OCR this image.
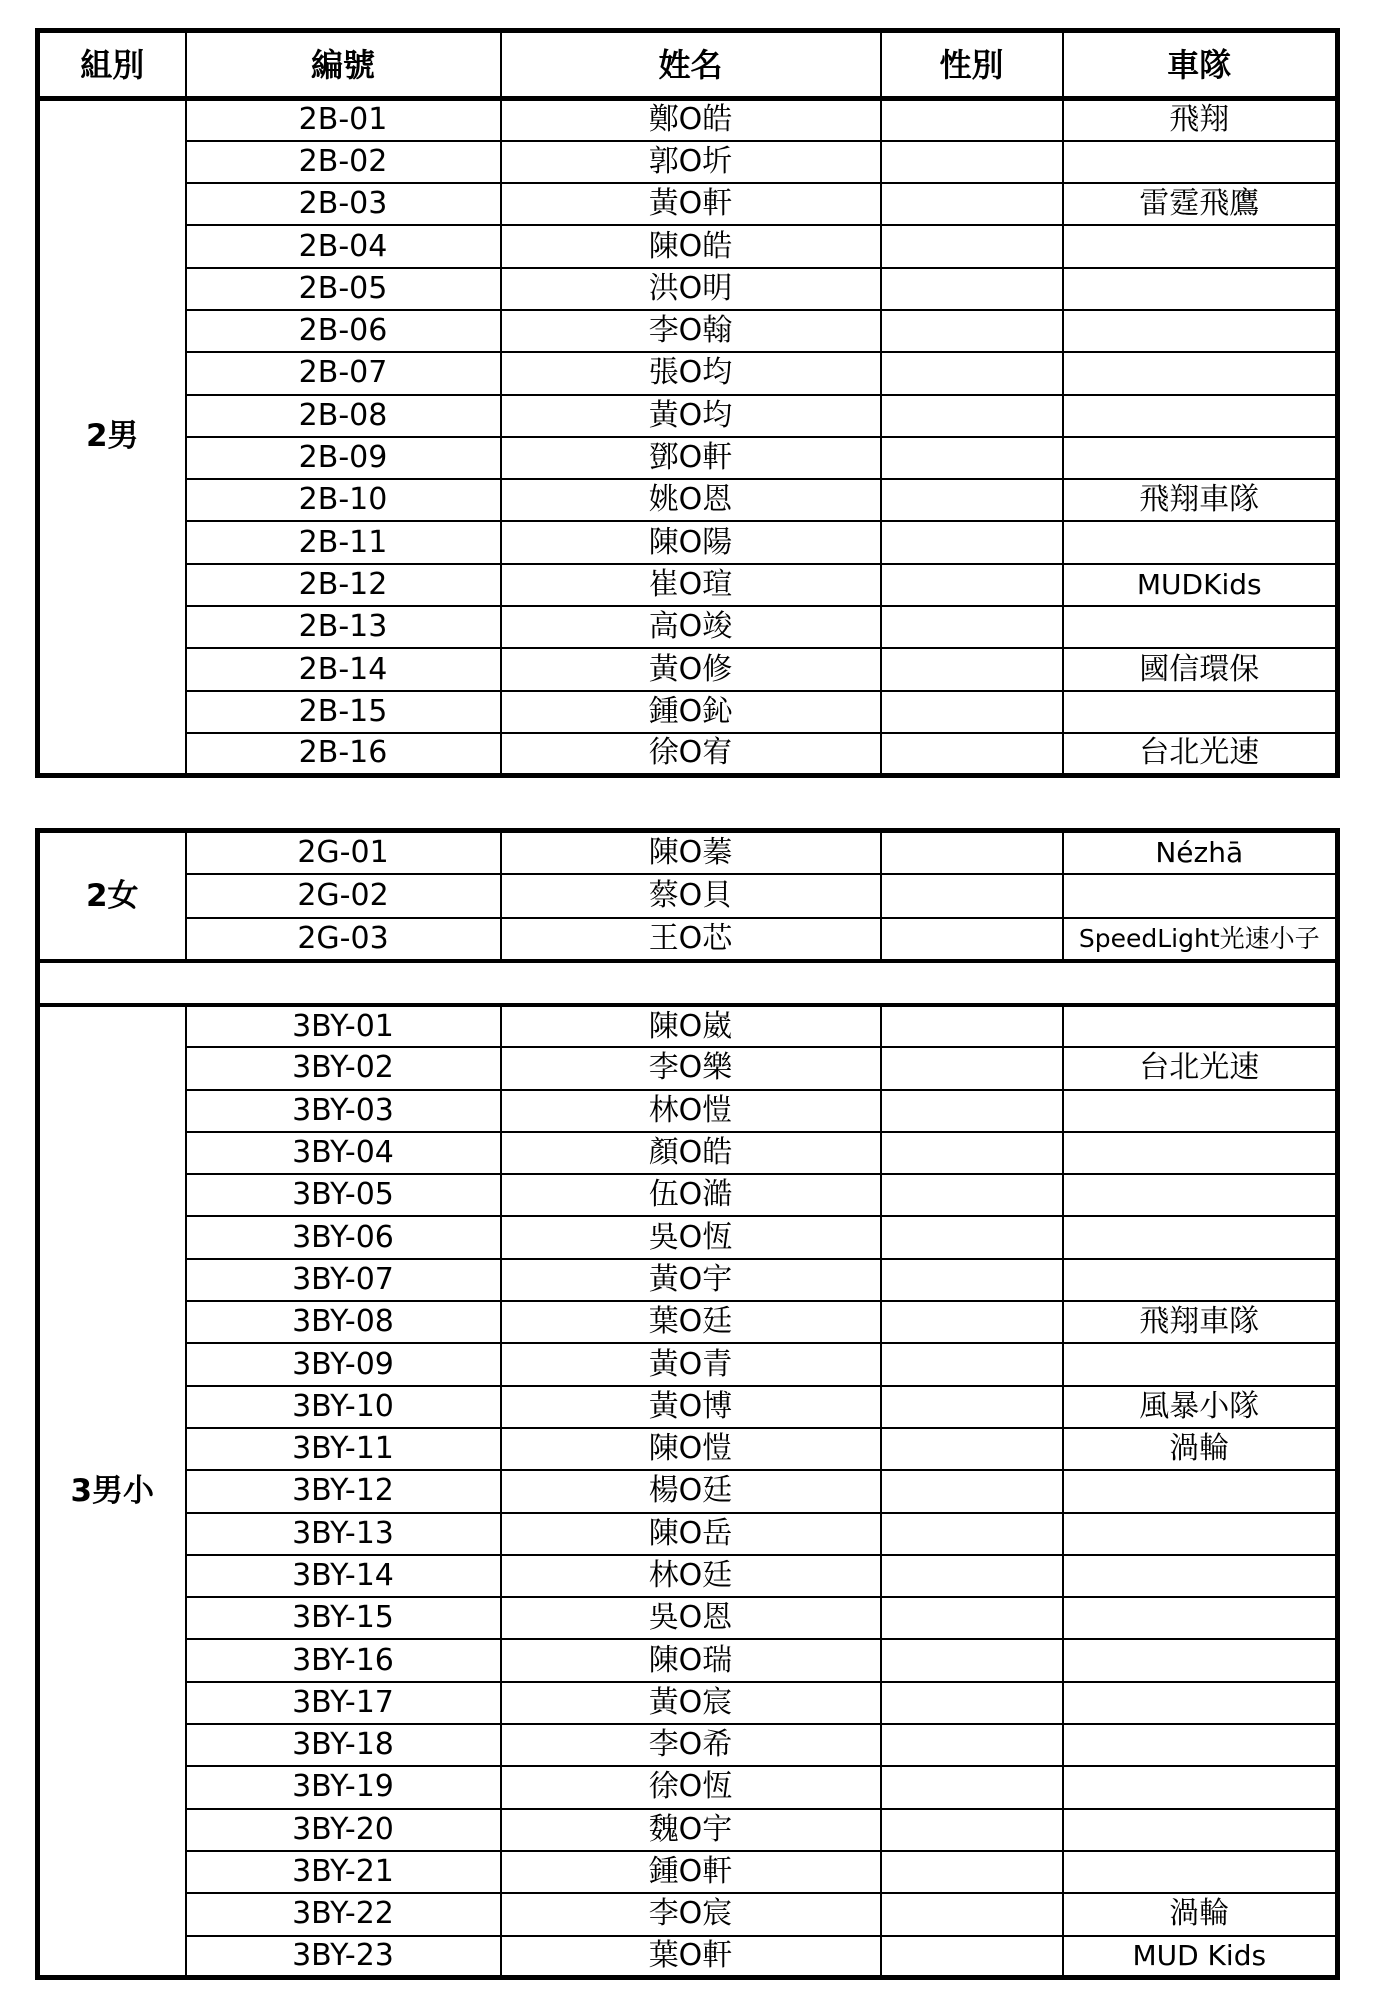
組別	編號	姓名	性別	車隊
2男	2B-01	鄭O皓		飛翔
	2B-02	郭O圻		
	2B-03	黃O軒		雷霆飛鷹
	2B-04	陳O皓		
	2B-05	洪O明		
	2B-06	李O翰		
	2B-07	張O均		
	2B-08	黃O均		
	2B-09	鄧O軒		
	2B-10	姚O恩		飛翔車隊
	2B-11	陳O陽		
	2B-12	崔O瑄		MUDKids
	2B-13	高O竣		
	2B-14	黃O修		國信環保
	2B-15	鍾O鈊		
	2B-16	徐O宥		台北光速
2女	2G-01	陳O蓁		Nézhā
	2G-02	蔡O貝		
	2G-03	王O芯		SpeedLight光速小子

3男小	3BY-01	陳O崴		
	3BY-02	李O樂		台北光速
	3BY-03	林O愷		
	3BY-04	顏O皓		
	3BY-05	伍O澔		
	3BY-06	吳O恆		
	3BY-07	黃O宇		
	3BY-08	葉O廷		飛翔車隊
	3BY-09	黃O青		
	3BY-10	黃O博		風暴小隊
	3BY-11	陳O愷		渦輪
	3BY-12	楊O廷		
	3BY-13	陳O岳		
	3BY-14	林O廷		
	3BY-15	吳O恩		
	3BY-16	陳O瑞		
	3BY-17	黃O宸		
	3BY-18	李O希		
	3BY-19	徐O恆		
	3BY-20	魏O宇		
	3BY-21	鍾O軒		
	3BY-22	李O宸		渦輪
	3BY-23	葉O軒		MUD Kids
